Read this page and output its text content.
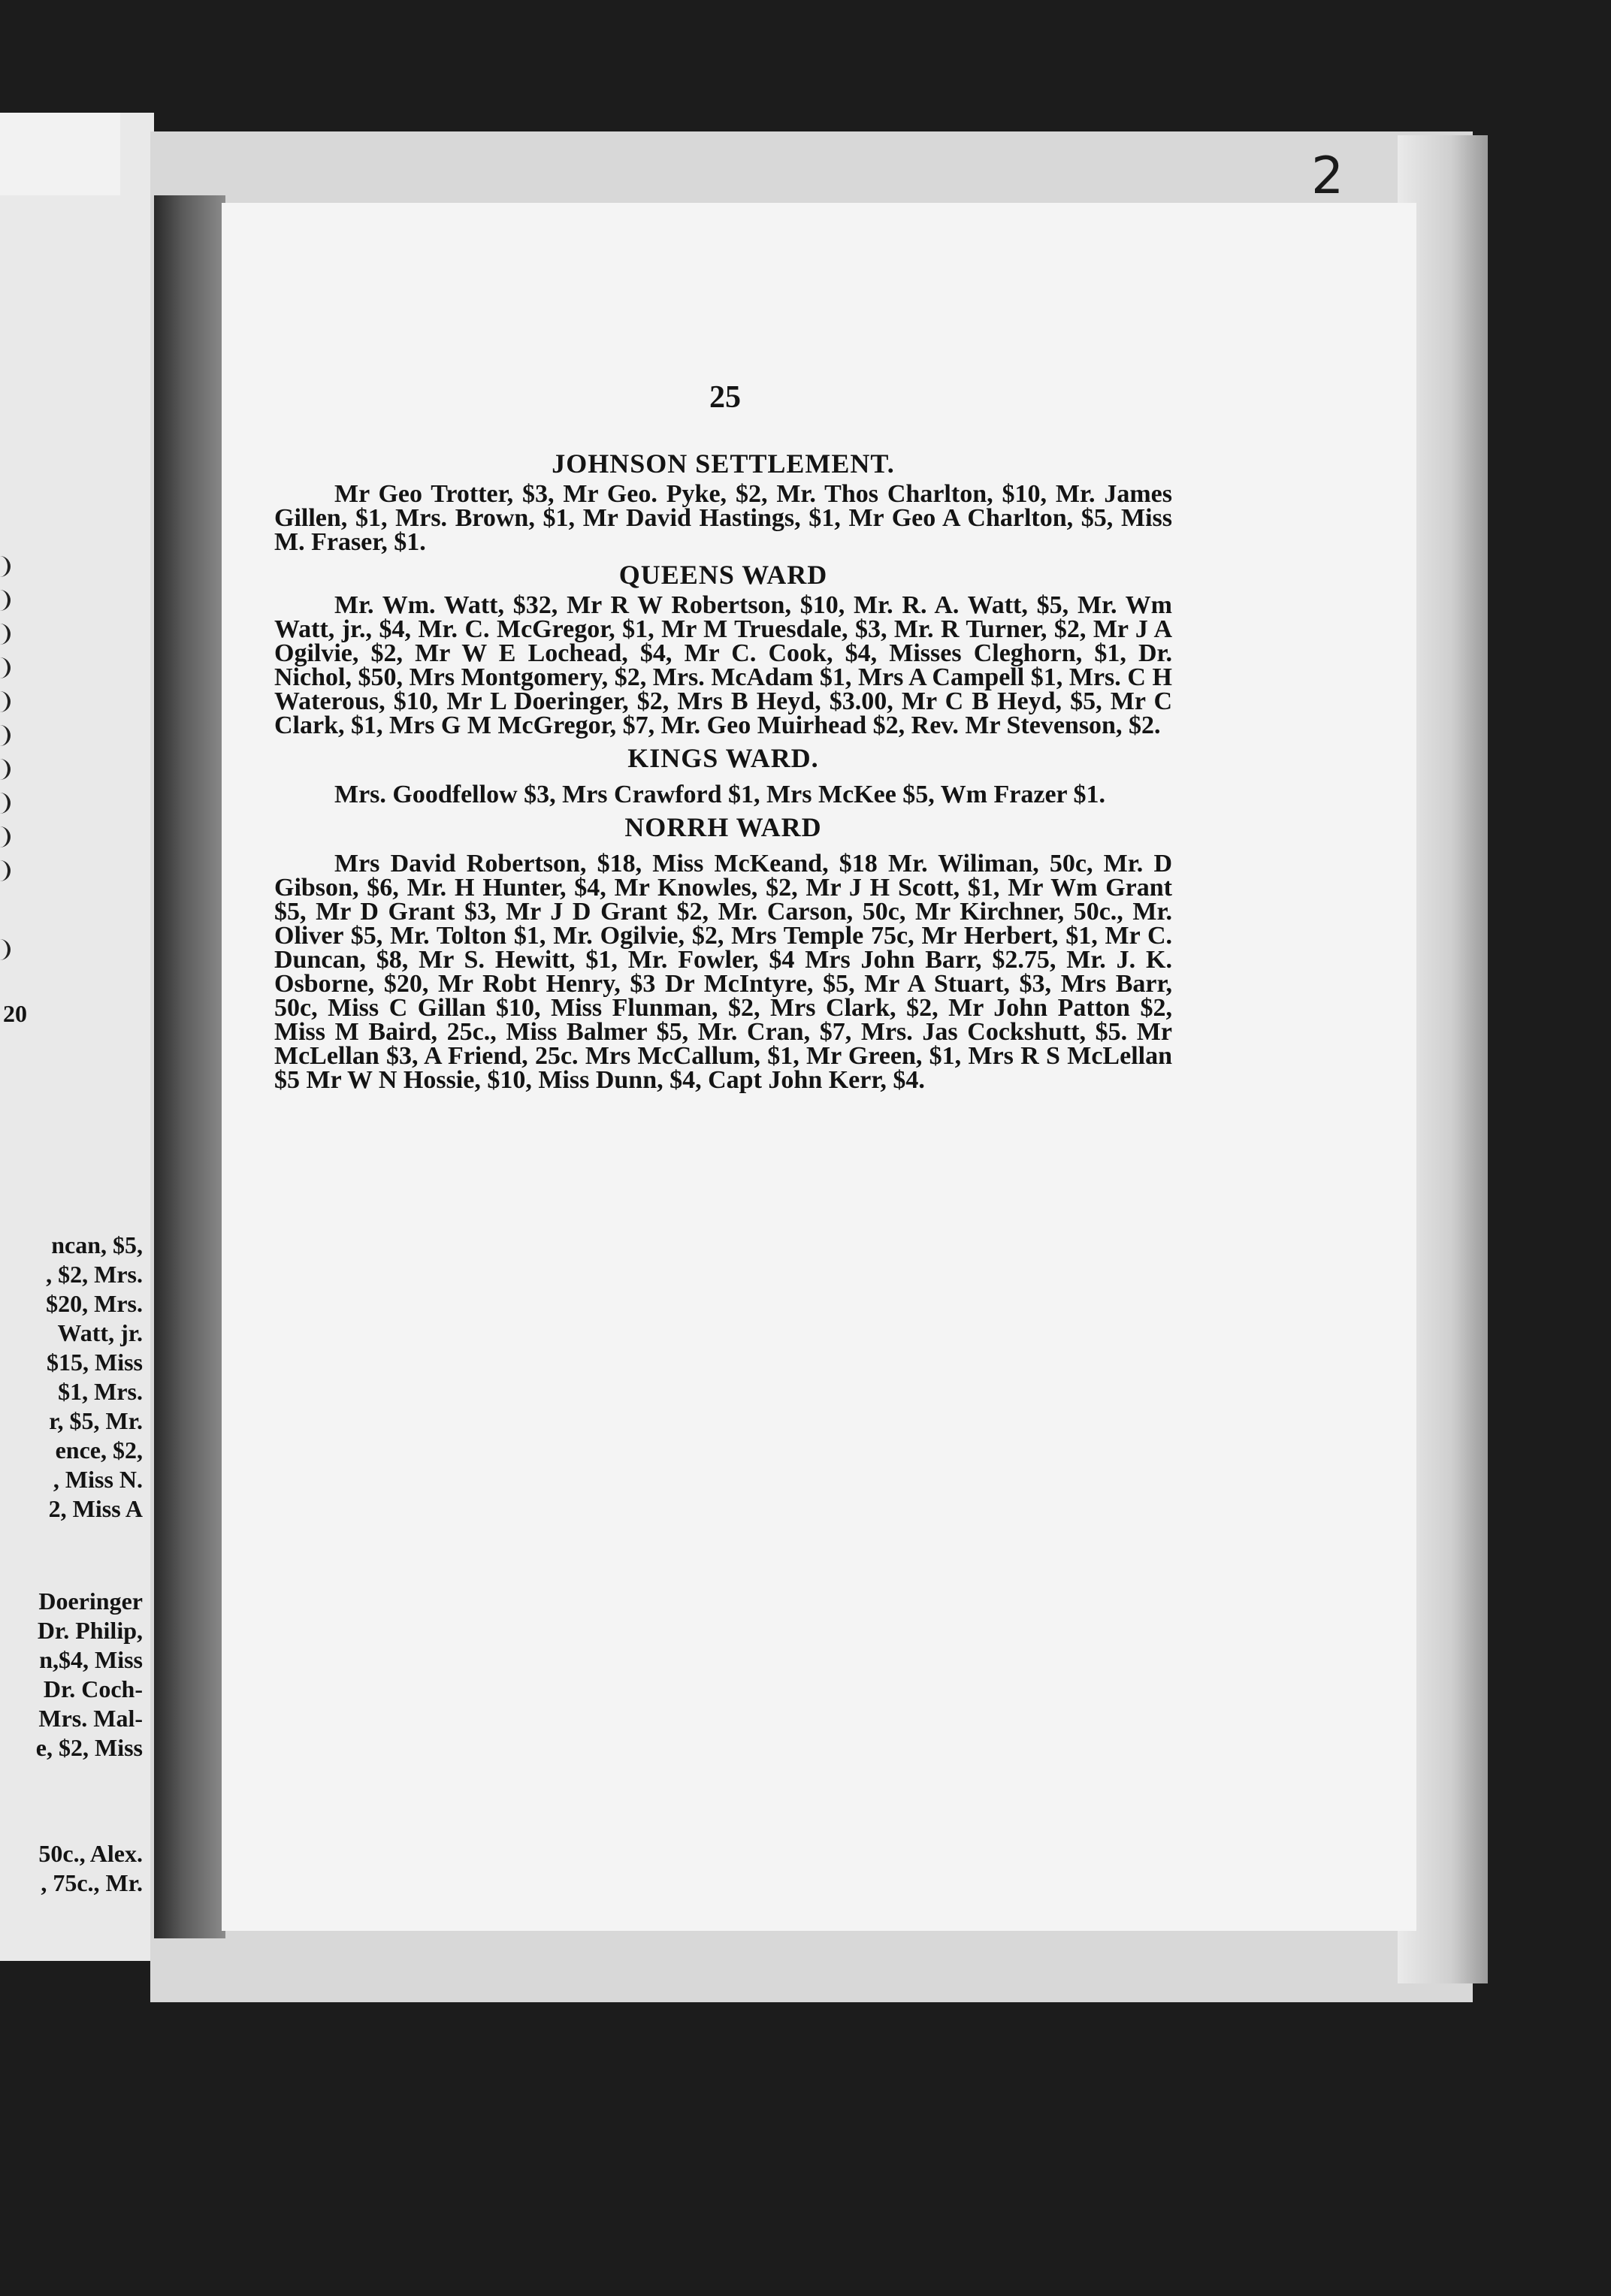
20
ncan, $5,
, $2, Mrs.
$20, Mrs.
Watt, jr.
$15, Miss
$1, Mrs.
r, $5, Mr.
ence, $2,
, Miss N.
2, Miss A
Doeringer
Dr. Philip,
n,$4, Miss
Dr. Coch-
Mrs. Mal-
e, $2, Miss
50c., Alex.
, 75c., Mr.
2
25
JOHNSON SETTLEMENT.
Mr Geo Trotter, $3, Mr Geo. Pyke, $2, Mr. Thos Charlton, $10, Mr. James Gillen, $1, Mrs. Brown, $1, Mr David Hastings, $1, Mr Geo A Charlton, $5, Miss M. Fraser, $1.
QUEENS WARD
Mr. Wm. Watt, $32, Mr R W Robertson, $10, Mr. R. A. Watt, $5, Mr. Wm Watt, jr., $4, Mr. C. McGregor, $1, Mr M Truesdale, $3, Mr. R Turner, $2, Mr J A Ogilvie, $2, Mr W E Lochead, $4, Mr C. Cook, $4, Misses Cleghorn, $1, Dr. Nichol, $50, Mrs Montgomery, $2, Mrs. McAdam $1, Mrs A Campell $1, Mrs. C H Waterous, $10, Mr L Doeringer, $2, Mrs B Heyd, $3.00, Mr C B Heyd, $5, Mr C Clark, $1, Mrs G M McGregor, $7, Mr. Geo Muirhead $2, Rev. Mr Stevenson, $2.
KINGS WARD.
Mrs. Goodfellow $3, Mrs Crawford $1, Mrs McKee $5, Wm Frazer $1.
NORRH WARD
Mrs David Robertson, $18, Miss McKeand, $18 Mr. Wiliman, 50c, Mr. D Gibson, $6, Mr. H Hunter, $4, Mr Knowles, $2, Mr J H Scott, $1, Mr Wm Grant $5, Mr D Grant $3, Mr J D Grant $2, Mr. Carson, 50c, Mr Kirchner, 50c., Mr. Oliver $5, Mr. Tolton $1, Mr. Ogilvie, $2, Mrs Temple 75c, Mr Herbert, $1, Mr C. Duncan, $8, Mr S. Hewitt, $1, Mr. Fowler, $4 Mrs John Barr, $2.75, Mr. J. K. Osborne, $20, Mr Robt Henry, $3 Dr McIntyre, $5, Mr A Stuart, $3, Mrs Barr, 50c, Miss C Gillan $10, Miss Flunman, $2, Mrs Clark, $2, Mr John Patton $2, Miss M Baird, 25c., Miss Balmer $5, Mr. Cran, $7, Mrs. Jas Cockshutt, $5. Mr McLellan $3, A Friend, 25c. Mrs McCallum, $1, Mr Green, $1, Mrs R S McLellan $5 Mr W N Hossie, $10, Miss Dunn, $4, Capt John Kerr, $4.
